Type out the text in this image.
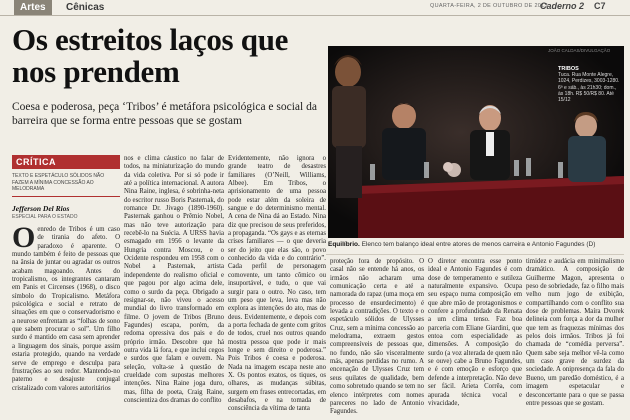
Artes	Cênicas	QUARTA-FEIRA, 2 DE OUTUBRO DE 2013
Caderno 2 C7
Os estreitos laços que nos prendem

Coesa e poderosa, peça ‘Tribos’ é metáfora psicológica e social da barreira que se forma entre pessoas que se gostam

JOÃO CALDAS/DIVULGAÇÃO
TRIBOS
Tuca. Rua Monte Alegre, 1024, Perdizes, 3003-1280. 6ª e sáb., às 21h30; dom., às 18h. R$ 50/R$ 80. Até 15/12
Equilíbrio. Elenco tem balanço ideal entre atores de menos carreira e Antonio Fagundes (D)
CRÍTICA
TEXTO E ESPETÁCULO SÓLIDOS NÃO FAZEM A MÍNIMA CONCESSÃO AO MELODRAMA
Jefferson Del Rios
ESPECIAL PARA O ESTADO
O enredo de Tribos é um caso de tirania do afeto. O paradoxo é aparente. O mundo também é feito de pessoas que na ânsia de juntar ou agradar os outros acabam magoando. Antes do tropicalismo, os integrantes cantaram em Panis et Circenses (1968), o disco símbolo do Tropicalismo. Metáfora psicológica e social e retrato de situações em que o conservadorismo e a neurose enfrentam as “folhas de sono que sabem procurar o sol”. Um filho surdo é mantido em casa sem aprender a linguagem dos sinais, porque assim estaria protegido, quando na verdade serve de emprego e desculpa para frustrações ao seu redor. Mantendo-no paterno e desajuste conjugal cristalizado com valores autoritários
nos e clima cáustico no falar de todos, na miniaturização do mundo da vida coletiva. Por si só pode ir até a política internacional. A autora Nina Raine, inglesa, é sobrinha-neta do escritor russo Boris Pasternak, do romance Dr. Jivago (1890-1960). Pasternak ganhou o Prêmio Nobel, mas não teve autorização para recebê-lo na Suécia. A URSS havia esmagado em 1956 o levante da Hungria contra Moscou, e o Ocidente respondeu em 1958 com o Nobel a Pasternak, artista independente do realismo oficial e que pagou por algo acima dele, como o surdo da peça. Obrigado a resignar-se, não viveu o acesso mundial do livro transformado em filme. O jovem de Tribos (Bruno Fagundes) escapa, porém, da redoma opressiva dos pais e do próprio irmão. Descobre que há outra vida lá fora, e que inclui cegos e surdos que falam e ouvem. Na seleção, volta-se à questão de crueldade com supostas melhores intenções. Nina Raine joga duro, mas, filha de poeta, Craig Raine, conscientiza dos dramas do conflito
Evidentemente, não ignora o grande teatro de desastres familiares (O’Neill, Williams, Albee). Em Tribos, o aprisionamento de uma pessoa pode estar além da soleira de sangue e do determinismo mental. A cena de Nina dá ao Estado. Nina diz que precisou de seus preferidos, a propaganda. “Os gays e as eternas crises familiares — o que deveria ser do jeito que elas são, o povo conhecido da vida e do contrário”. Cada perfil de personagem comovente, um tanto cômico ou insuportável, e tudo, o que vai surgir para o outro. No caso, tem um peso que leva, leva mas não explora as intenções do ato, mas de deus. Evidentemente, e depois com a porta fechada de gente com gritos de todos, cruel nos outros quando mostra pessoa que pode ir mais longe e sem direito e poderosa.” Pois Tribos é coesa e poderosa. Nada na imagem escapa neste ano X. Os pontos exatos, os tiques, os olhares, as mudanças súbitas, surgem em frases entrecortadas, em desabafos, e na tomada de consciência da vítima de tanta
proteção fora de propósito. O casal não se entende há anos, os irmãos não acharam uma comunicação certa e até a namorada do rapaz (uma moça em processo de ensurdecimento) é levada a contradições. O texto e o espetáculo sólidos de Ulysses Cruz, sem a mínima concessão ao melodrama, extraem gestos compreensíveis de pessoas que, no fundo, não são visceralmente más, apenas perdidas no rumo. A encenação de Ulysses Cruz tem seus quilates de qualidade, bem como sobretudo quando se tem no elenco intérpretes com nomes pareceres no lado de Antonio Fagundes.
O diretor encontra esse ponto ideal e Antonio Fagundes é com dose de temperamento e sutileza naturalmente expansivo. Ocupa seu espaço numa composição em que abre mão de protagonismos e confere a profundidade da Renata a um clima tenso. Faz boa parceria com Eliane Giardini, que entoa com especialidade as dimensões. A composição do surdo (a voz alterada de quem não se ouve) cabe a Bruno Fagundes, e é com emoção e esforço que defende a interpretação. Não deve ser fácil. Arieta Corrêa, com apurada técnica vocal e vivacidade,
timidez e audácia em minimalismo dramático. A composição de Guilherme Magon, apresenta o peso de sobriedade, faz o filho mais velho num jogo de exibição, compartilhando com o conflito sua dose de problemas. Maíra Dvorek delineia com força a dor da mulher que tem as fraquezas mínimas dos pelos dois irmãos. Tribos já foi chamada de “comédia perversa”. Quem sabe seja melhor vê-la como um caso grave de surdez da sociedade. A onipresença da fala do Bueno, um paredão doméstico, é a imagem espetacular e desconcertante para o que se passa entre pessoas que se gostam.
